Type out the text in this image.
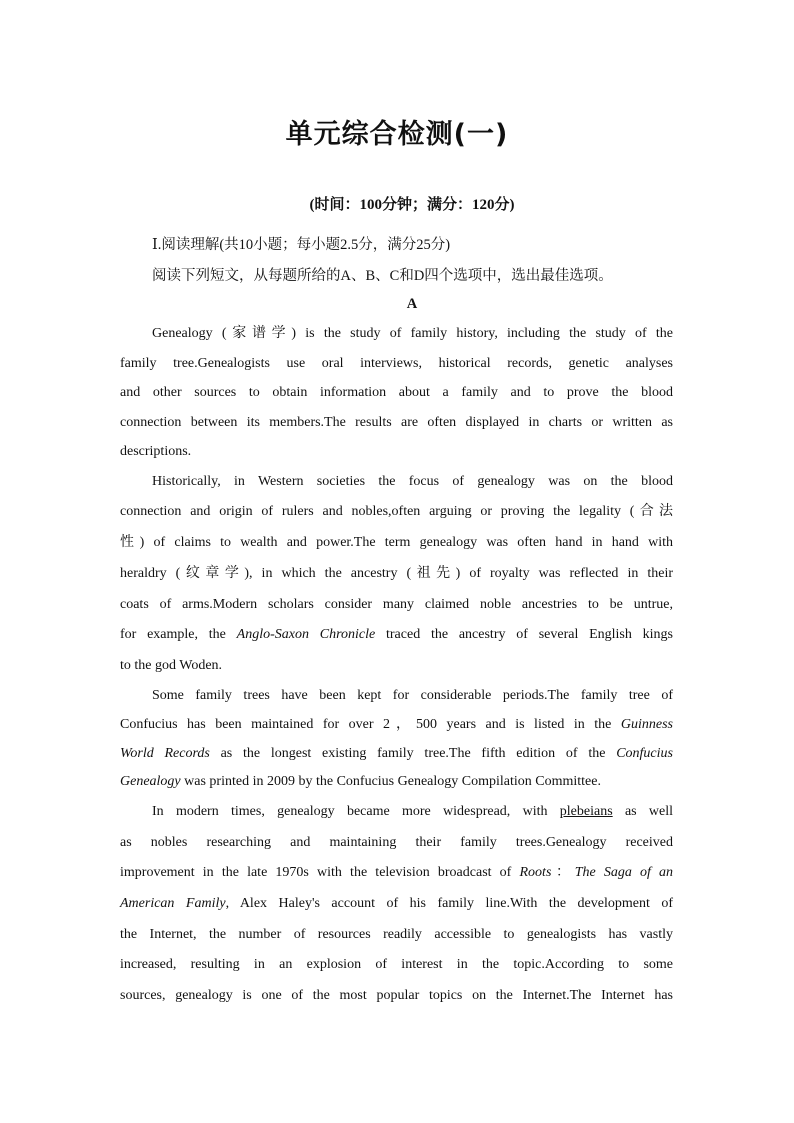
单元综合检测(一)
(时间：100分钟；满分：120分)
Ⅰ.阅读理解(共10小题；每小题2.5分，满分25分)
阅读下列短文，从每题所给的A、B、C和D四个选项中，选出最佳选项。
A
Genealogy (家谱学) is the study of family history, including the study of the
family tree.Genealogists use oral interviews, historical records, genetic analyses
and other sources to obtain information about a family and to prove the blood
connection between its members.The results are often displayed in charts or written as
descriptions.
Historically, in Western societies the focus of genealogy was on the blood
connection and origin of rulers and nobles,often arguing or proving the legality (合法
性) of claims to wealth and power.The term genealogy was often hand in hand with
heraldry (纹章学), in which the ancestry (祖先) of royalty was reflected in their
coats of arms.Modern scholars consider many claimed noble ancestries to be untrue,
for example, the Anglo-Saxon Chronicle traced the ancestry of several English kings
to the god Woden.
Some family trees have been kept for considerable periods.The family tree of
Confucius has been maintained for over 2，500 years and is listed in the Guinness
World Records as the longest existing family tree.The fifth edition of the Confucius
Genealogy was printed in 2009 by the Confucius Genealogy Compilation Committee.
In modern times, genealogy became more widespread, with plebeians as well
as nobles researching and maintaining their family trees.Genealogy received
improvement in the late 1970s with the television broadcast of Roots：The Saga of an
American Family, Alex Haley's account of his family line.With the development of
the Internet, the number of resources readily accessible to genealogists has vastly
increased, resulting in an explosion of interest in the topic.According to some
sources, genealogy is one of the most popular topics on the Internet.The Internet has
